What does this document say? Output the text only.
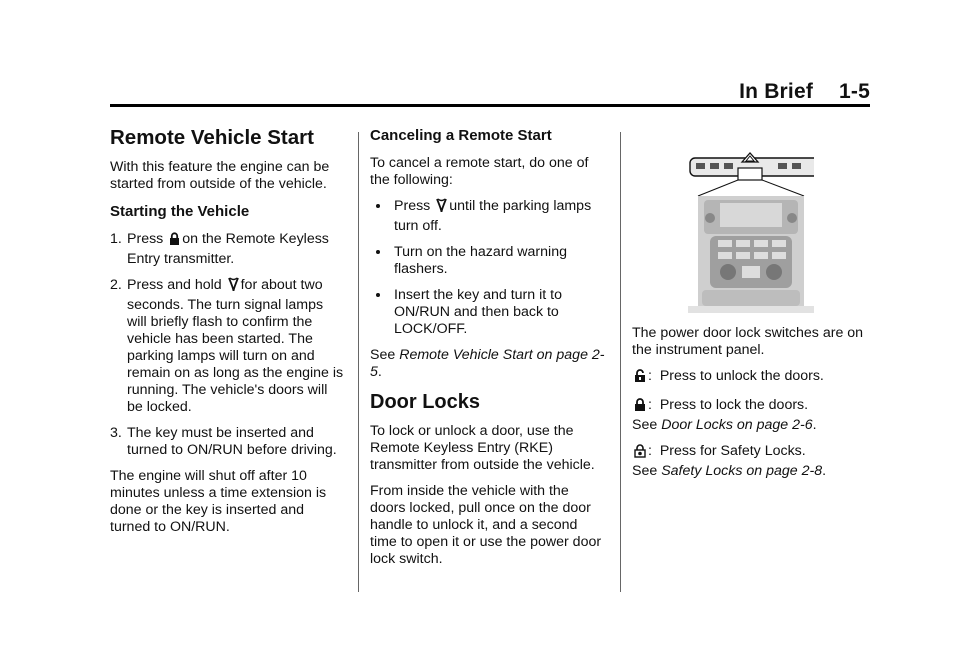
In Brief 1-5
Remote Vehicle Start

With this feature the engine can be started from outside of the vehicle.

Starting the Vehicle
1. Press on the Remote Keyless Entry transmitter.
2. Press and hold for about two seconds. The turn signal lamps will briefly flash to confirm the vehicle has been started. The parking lamps will turn on and remain on as long as the engine is running. The vehicle's doors will be locked.
3. The key must be inserted and turned to ON/RUN before driving.

The engine will shut off after 10 minutes unless a time extension is done or the key is inserted and turned to ON/RUN.

Canceling a Remote Start

To cancel a remote start, do one of the following:

Press until the parking lamps turn off.
Turn on the hazard warning flashers.
Insert the key and turn it to ON/RUN and then back to LOCK/OFF.

See Remote Vehicle Start on page 2-5.

Door Locks

To lock or unlock a door, use the Remote Keyless Entry (RKE) transmitter from outside the vehicle.

From inside the vehicle with the doors locked, pull once on the door handle to unlock it, and a second time to open it or use the power door lock switch.

The power door lock switches are on the instrument panel.

: Press to unlock the doors.
: Press to lock the doors.
See Door Locks on page 2-6.
: Press for Safety Locks.
See Safety Locks on page 2-8.
